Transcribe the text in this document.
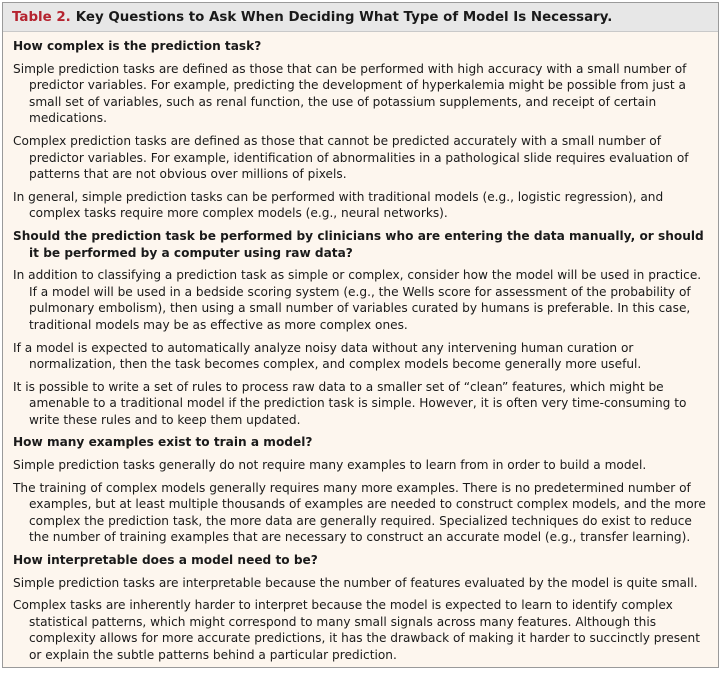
Table 2. Key Questions to Ask When Deciding What Type of Model Is Necessary.
How complex is the prediction task?

Simple prediction tasks are defined as those that can be performed with high accuracy with a small number of predictor variables. For example, predicting the development of hyperkalemia might be possible from just a small set of variables, such as renal function, the use of potassium supplements, and receipt of certain medications.

Complex prediction tasks are defined as those that cannot be predicted accurately with a small number of predictor variables. For example, identification of abnormalities in a pathological slide requires evaluation of patterns that are not obvious over millions of pixels.

In general, simple prediction tasks can be performed with traditional models (e.g., logistic regression), and complex tasks require more complex models (e.g., neural networks).

Should the prediction task be performed by clinicians who are entering the data manually, or should it be performed by a computer using raw data?

In addition to classifying a prediction task as simple or complex, consider how the model will be used in practice. If a model will be used in a bedside scoring system (e.g., the Wells score for assessment of the probability of pulmonary embolism), then using a small number of variables curated by humans is preferable. In this case, traditional models may be as effective as more complex ones.

If a model is expected to automatically analyze noisy data without any intervening human curation or normalization, then the task becomes complex, and complex models become generally more useful.

It is possible to write a set of rules to process raw data to a smaller set of “clean” features, which might be amenable to a traditional model if the prediction task is simple. However, it is often very time-consuming to write these rules and to keep them updated.

How many examples exist to train a model?

Simple prediction tasks generally do not require many examples to learn from in order to build a model.

The training of complex models generally requires many more examples. There is no predetermined number of examples, but at least multiple thousands of examples are needed to construct complex models, and the more complex the prediction task, the more data are generally required. Specialized techniques do exist to reduce the number of training examples that are necessary to construct an accurate model (e.g., transfer learning).

How interpretable does a model need to be?

Simple prediction tasks are interpretable because the number of features evaluated by the model is quite small.

Complex tasks are inherently harder to interpret because the model is expected to learn to identify complex statistical patterns, which might correspond to many small signals across many features. Although this complexity allows for more accurate predictions, it has the drawback of making it harder to succinctly present or explain the subtle patterns behind a particular prediction.
